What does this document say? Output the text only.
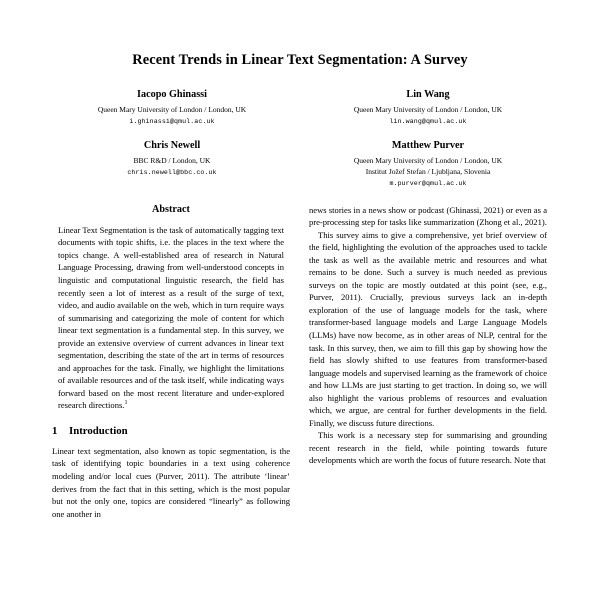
Recent Trends in Linear Text Segmentation: A Survey
Iacopo Ghinassi
Queen Mary University of London / London, UK
i.ghinassi@qmul.ac.uk
Lin Wang
Queen Mary University of London / London, UK
lin.wang@qmul.ac.uk
Chris Newell
BBC R&D / London, UK
chris.newell@bbc.co.uk
Matthew Purver
Queen Mary University of London / London, UK
Institut Jožef Stefan / Ljubljana, Slovenia
m.purver@qmul.ac.uk
Abstract

Linear Text Segmentation is the task of automatically tagging text documents with topic shifts, i.e. the places in the text where the topics change. A well-established area of research in Natural Language Processing, drawing from well-understood concepts in linguistic and computational linguistic research, the field has recently seen a lot of interest as a result of the surge of text, video, and audio available on the web, which in turn require ways of summarising and categorizing the mole of content for which linear text segmentation is a fundamental step. In this survey, we provide an extensive overview of current advances in linear text segmentation, describing the state of the art in terms of resources and approaches for the task. Finally, we highlight the limitations of available resources and of the task itself, while indicating ways forward based on the most recent literature and under-explored research directions.$^1$

1	Introduction

Linear text segmentation, also known as topic segmentation, is the task of identifying topic boundaries in a text using coherence modeling and/or local cues (Purver, 2011). The attribute ‘linear’ derives from the fact that in this setting, which is the most popular but not the only one, topics are considered “linearly” as following one another in

news stories in a news show or podcast (Ghinassi, 2021) or even as a pre-processing step for tasks like summarization (Zhong et al., 2021).

This survey aims to give a comprehensive, yet brief overview of the field, highlighting the evolution of the approaches used to tackle the task as well as the available metric and resources and what remains to be done. Such a survey is much needed as previous surveys on the topic are mostly outdated at this point (see, e.g., Purver, 2011). Crucially, previous surveys lack an in-depth exploration of the use of language models for the task, where transformer-based language models and Large Language Models (LLMs) have now become, as in other areas of NLP, central for the task. In this survey, then, we aim to fill this gap by showing how the field has slowly shifted to use features from transformer-based language models and supervised learning as the framework of choice and how LLMs are just starting to get traction. In doing so, we will also highlight the various problems of resources and evaluation which, we argue, are central for further developments in the field. Finally, we discuss future directions.

This work is a necessary step for summarising and grounding recent research in the field, while pointing towards future developments which are worth the focus of future research. Note that
